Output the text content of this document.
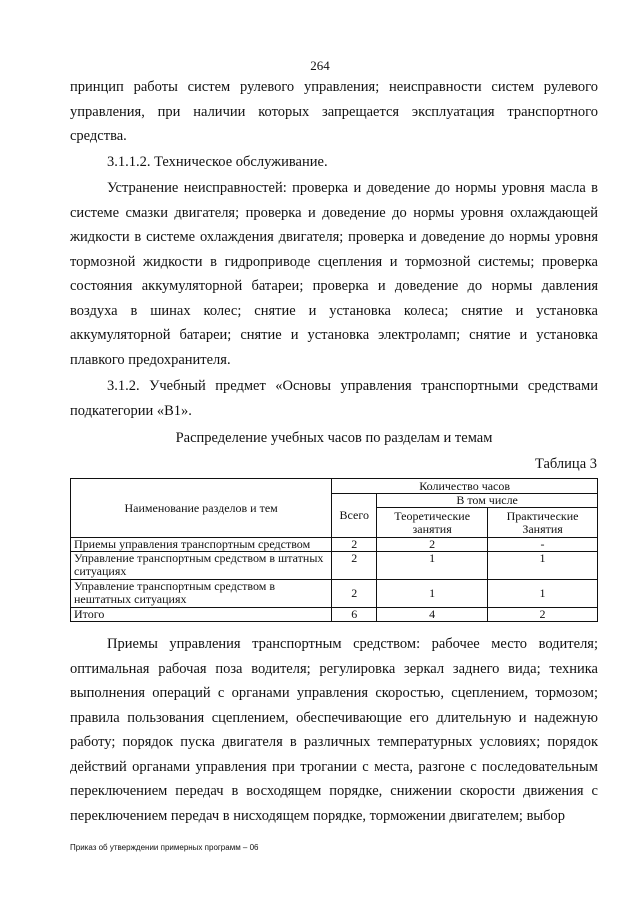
264

принцип работы систем рулевого управления; неисправности систем рулевого управления, при наличии которых запрещается эксплуатация транспортного средства.

3.1.1.2. Техническое обслуживание.

Устранение неисправностей: проверка и доведение до нормы уровня масла в системе смазки двигателя; проверка и доведение до нормы уровня охлаждающей жидкости в системе охлаждения двигателя; проверка и доведение до нормы уровня тормозной жидкости в гидроприводе сцепления и тормозной системы; проверка состояния аккумуляторной батареи; проверка и доведение до нормы давления воздуха в шинах колес; снятие и установка колеса; снятие и установка аккумуляторной батареи; снятие и установка электроламп; снятие и установка плавкого предохранителя.

3.1.2. Учебный предмет «Основы управления транспортными средствами подкатегории «B1».

Распределение учебных часов по разделам и темам
Таблица 3
Наименование разделов и тем	Количество часов		
	Всего	В том числе	
		Теоретические занятия	Практические Занятия
Приемы управления транспортным средством	2	2	-
Управление транспортным средством в штатных ситуациях	2	1	1
Управление транспортным средством в нештатных ситуациях	2	1	1
Итого	6	4	2

Приемы управления транспортным средством: рабочее место водителя; оптимальная рабочая поза водителя; регулировка зеркал заднего вида; техника выполнения операций с органами управления скоростью, сцеплением, тормозом; правила пользования сцеплением, обеспечивающие его длительную и надежную работу; порядок пуска двигателя в различных температурных условиях; порядок действий органами управления при трогании с места, разгоне с последовательным переключением передач в восходящем порядке, снижении скорости движения с переключением передач в нисходящем порядке, торможении двигателем; выбор

Приказ об утверждении примерных программ – 06
